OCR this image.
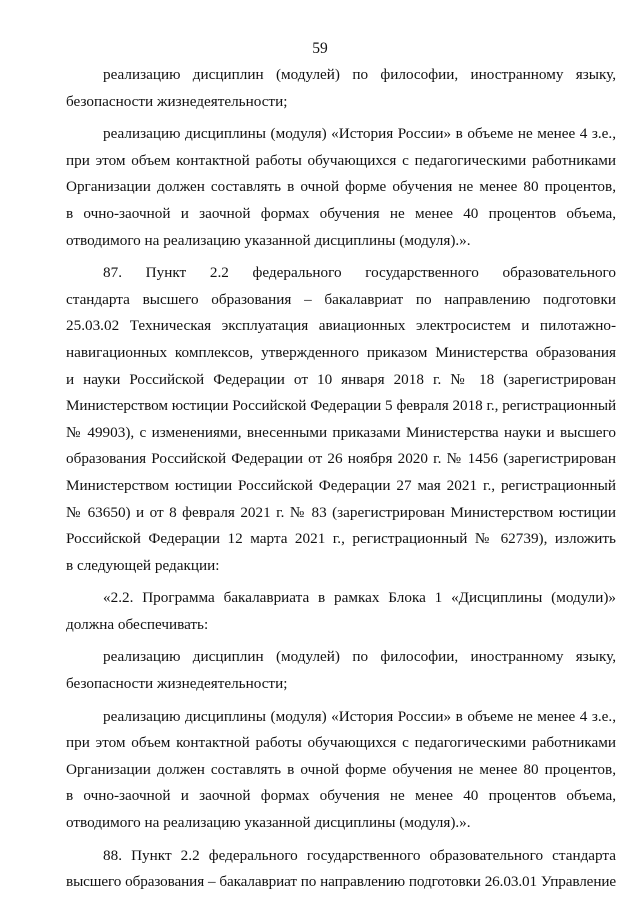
59
реализацию дисциплин (модулей) по философии, иностранному языку,
безопасности жизнедеятельности;
реализацию дисциплины (модуля) «История России» в объеме не менее 4 з.е.,
при этом объем контактной работы обучающихся с педагогическими работниками
Организации должен составлять в очной форме обучения не менее 80 процентов,
в очно-заочной и заочной формах обучения не менее 40 процентов объема,
отводимого на реализацию указанной дисциплины (модуля).».
87. Пункт 2.2 федерального государственного образовательного
стандарта высшего образования – бакалавриат по направлению подготовки
25.03.02 Техническая эксплуатация авиационных электросистем и пилотажно-
навигационных комплексов, утвержденного приказом Министерства образования
и науки Российской Федерации от 10 января 2018 г. № 18 (зарегистрирован
Министерством юстиции Российской Федерации 5 февраля 2018 г., регистрационный
№ 49903), с изменениями, внесенными приказами Министерства науки и высшего
образования Российской Федерации от 26 ноября 2020 г. № 1456 (зарегистрирован
Министерством юстиции Российской Федерации 27 мая 2021 г., регистрационный
№ 63650) и от 8 февраля 2021 г. № 83 (зарегистрирован Министерством юстиции
Российской Федерации 12 марта 2021 г., регистрационный № 62739), изложить
в следующей редакции:
«2.2. Программа бакалавриата в рамках Блока 1 «Дисциплины (модули)»
должна обеспечивать:
реализацию дисциплин (модулей) по философии, иностранному языку,
безопасности жизнедеятельности;
реализацию дисциплины (модуля) «История России» в объеме не менее 4 з.е.,
при этом объем контактной работы обучающихся с педагогическими работниками
Организации должен составлять в очной форме обучения не менее 80 процентов,
в очно-заочной и заочной формах обучения не менее 40 процентов объема,
отводимого на реализацию указанной дисциплины (модуля).».
88. Пункт 2.2 федерального государственного образовательного стандарта
высшего образования – бакалавриат по направлению подготовки 26.03.01 Управление
